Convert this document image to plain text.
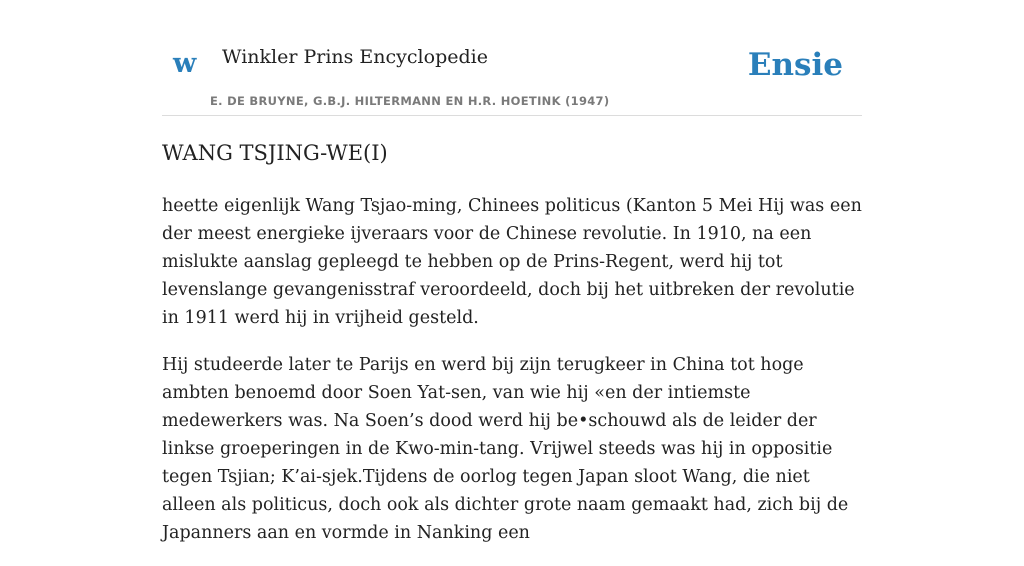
w Winkler Prins Encyclopedie
E. DE BRUYNE, G.B.J. HILTERMANN EN H.R. HOETINK (1947)
Ensie
WANG TSJING-WE(I)

heette eigenlijk Wang Tsjao-ming, Chinees politicus (Kanton 5 Mei Hij was een der meest energieke ijveraars voor de Chinese revolutie. In 1910, na een mislukte aanslag gepleegd te hebben op de Prins-Regent, werd hij tot levenslange gevangenisstraf veroordeeld, doch bij het uitbreken der revolutie in 1911 werd hij in vrijheid gesteld.

Hij studeerde later te Parijs en werd bij zijn terugkeer in China tot hoge ambten benoemd door Soen Yat-sen, van wie hij «en der intiemste medewerkers was. Na Soen’s dood werd hij be•schouwd als de leider der linkse groeperingen in de Kwo-min-tang. Vrijwel steeds was hij in oppositie tegen Tsjian; K’ai-sjek.Tijdens de oorlog tegen Japan sloot Wang, die niet alleen als politicus, doch ook als dichter grote naam gemaakt had, zich bij de Japanners aan en vormde in Nanking een
